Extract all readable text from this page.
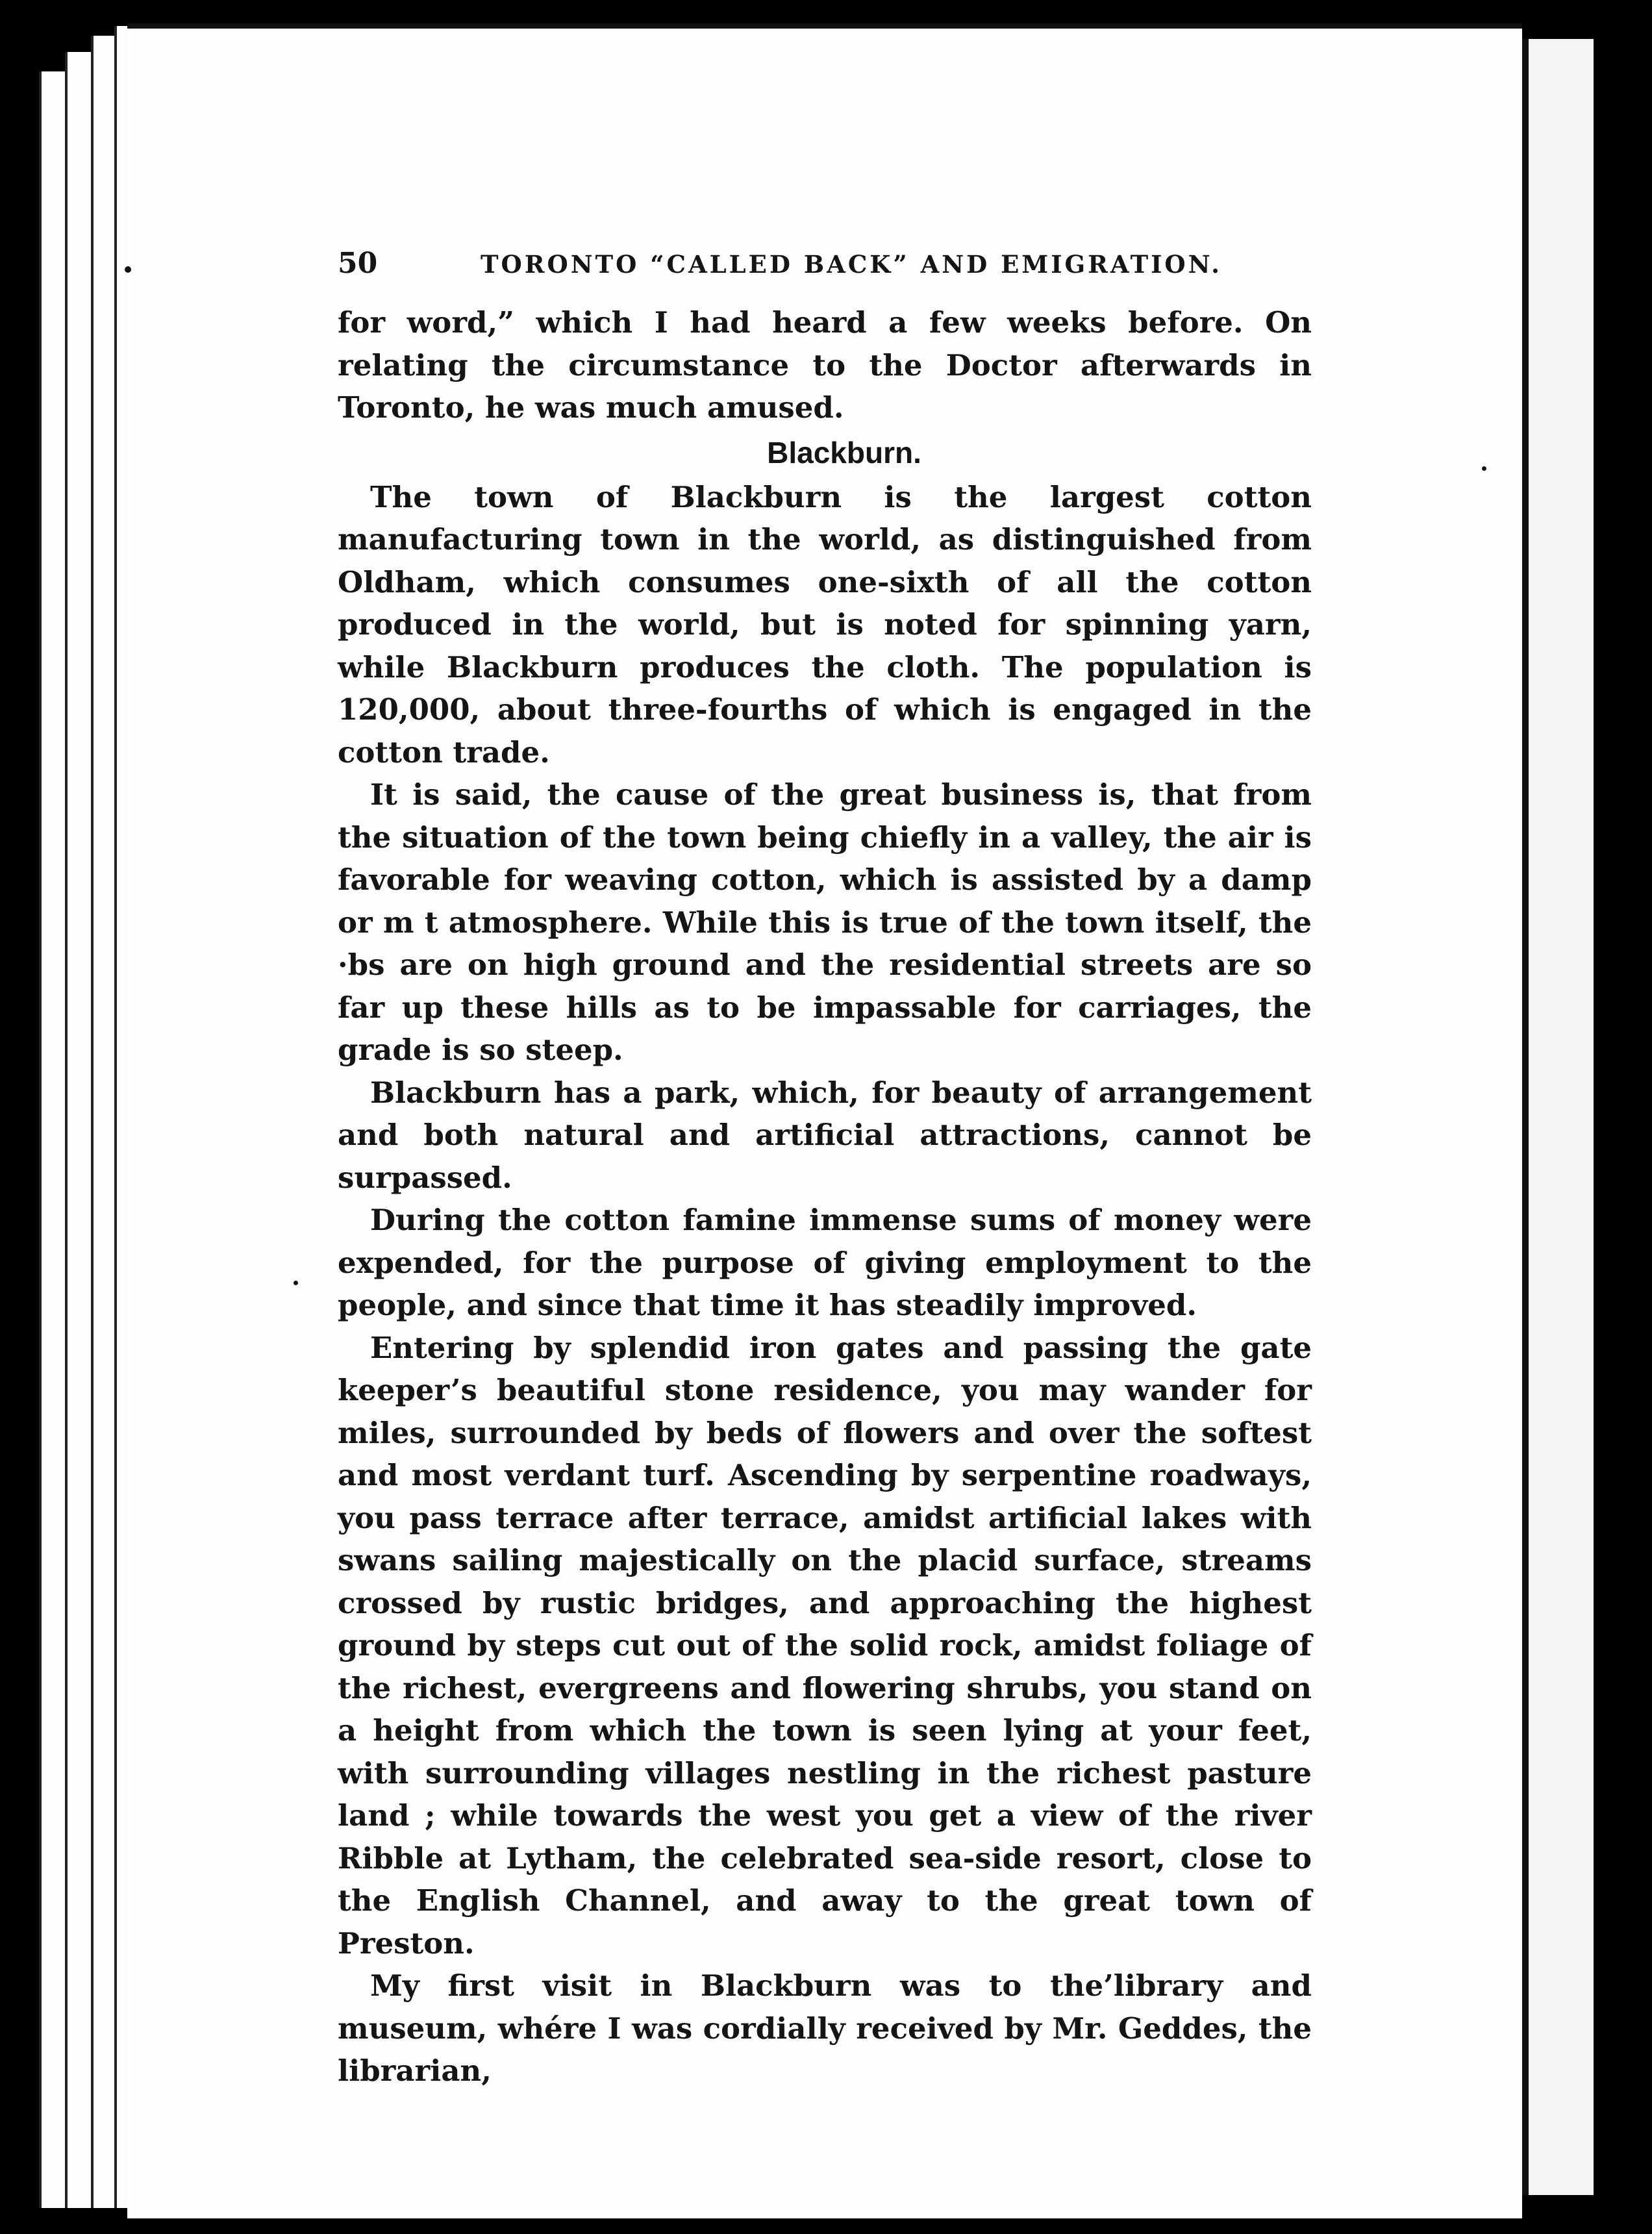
50	TORONTO “CALLED BACK” AND EMIGRATION.

for word,” which I had heard a few weeks before. On relating the circumstance to the Doctor afterwards in Toronto, he was much amused.

Blackburn.

The town of Blackburn is the largest cotton manufacturing town in the world, as distinguished from Oldham, which consumes one-sixth of all the cotton produced in the world, but is noted for spinning yarn, while Blackburn produces the cloth. The population is 120,000, about three-fourths of which is engaged in the cotton trade.

It is said, the cause of the great business is, that from the situation of the town being chiefly in a valley, the air is favorable for weaving cotton, which is assisted by a damp or m t atmosphere. While this is true of the town itself, the ·bs are on high ground and the residential streets are so far up these hills as to be impassable for carriages, the grade is so steep.

Blackburn has a park, which, for beauty of arrangement and both natural and artificial attractions, cannot be surpassed.

During the cotton famine immense sums of money were expended, for the purpose of giving employment to the people, and since that time it has steadily improved.

Entering by splendid iron gates and passing the gate keeper’s beautiful stone residence, you may wander for miles, surrounded by beds of flowers and over the softest and most verdant turf. Ascending by serpentine roadways, you pass terrace after terrace, amidst artificial lakes with swans sailing majestically on the placid surface, streams crossed by rustic bridges, and approaching the highest ground by steps cut out of the solid rock, amidst foliage of the richest, evergreens and flowering shrubs, you stand on a height from which the town is seen lying at your feet, with surrounding villages nestling in the richest pasture land ; while towards the west you get a view of the river Ribble at Lytham, the celebrated sea-side resort, close to the English Channel, and away to the great town of Preston.

My first visit in Blackburn was to the’library and museum, whére I was cordially received by Mr. Geddes, the librarian,
